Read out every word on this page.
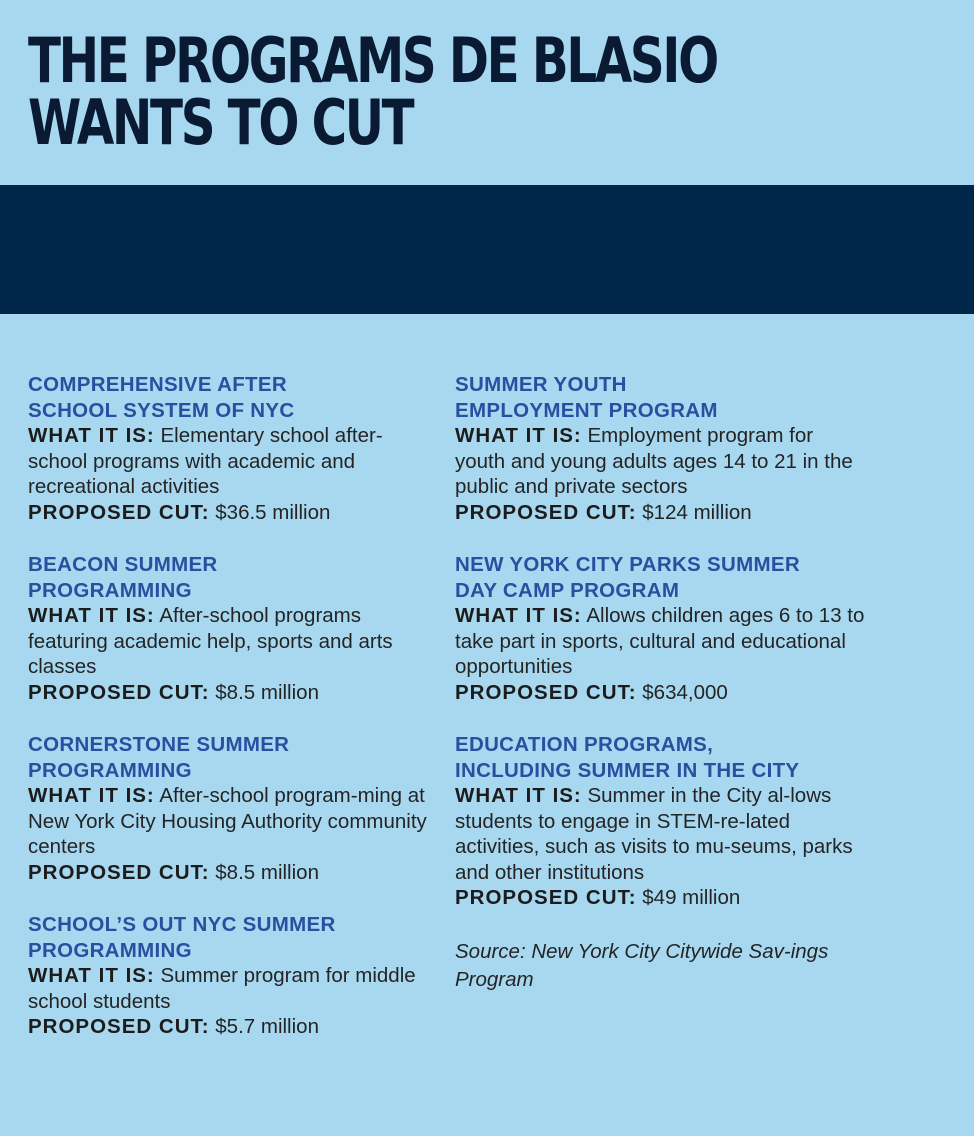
THE PROGRAMS DE BLASIO
WANTS TO CUT
COMPREHENSIVE AFTER
SCHOOL SYSTEM OF NYC
WHAT IT IS: Elementary school after-school programs with academic and recreational activities
PROPOSED CUT: $36.5 million
BEACON SUMMER
PROGRAMMING
WHAT IT IS: After-school programs featuring academic help, sports and arts classes
PROPOSED CUT: $8.5 million
CORNERSTONE SUMMER
PROGRAMMING
WHAT IT IS: After-school program-ming at New York City Housing Authority community centers
PROPOSED CUT: $8.5 million
SCHOOL’S OUT NYC SUMMER
PROGRAMMING
WHAT IT IS: Summer program for middle school students
PROPOSED CUT: $5.7 million
SUMMER YOUTH
EMPLOYMENT PROGRAM
WHAT IT IS: Employment program for youth and young adults ages 14 to 21 in the public and private sectors
PROPOSED CUT: $124 million
NEW YORK CITY PARKS SUMMER
DAY CAMP PROGRAM
WHAT IT IS: Allows children ages 6 to 13 to take part in sports, cultural and educational opportunities
PROPOSED CUT: $634,000
EDUCATION PROGRAMS,
INCLUDING SUMMER IN THE CITY
WHAT IT IS: Summer in the City al-lows students to engage in STEM-re-lated activities, such as visits to mu-seums, parks and other institutions
PROPOSED CUT: $49 million
Source: New York City Citywide Sav-ings Program
